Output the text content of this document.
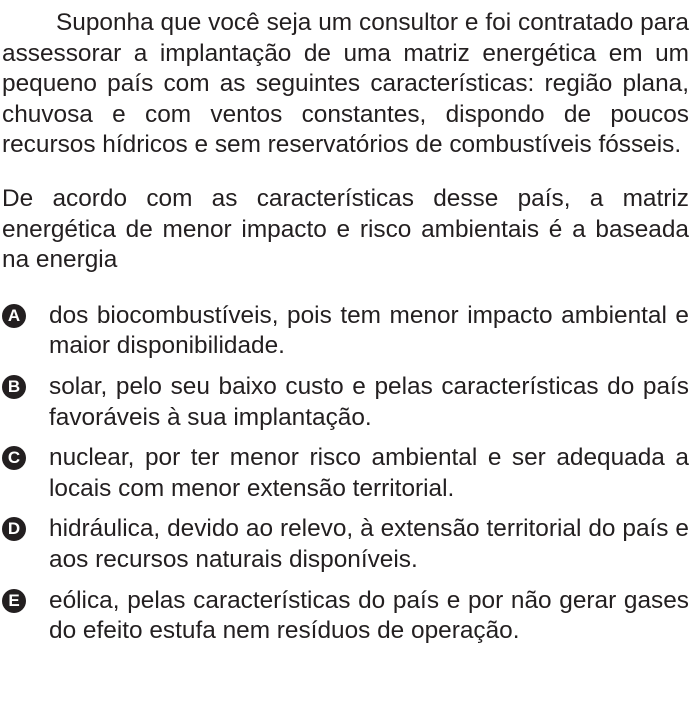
Suponha que você seja um consultor e foi contratado para assessorar a implantação de uma matriz energética em um pequeno país com as seguintes características: região plana, chuvosa e com ventos constantes, dispondo de poucos recursos hídricos e sem reservatórios de combustíveis fósseis.

De acordo com as características desse país, a matriz energética de menor impacto e risco ambientais é a baseada na energia

A dos biocombustíveis, pois tem menor impacto ambiental e maior disponibilidade.
B solar, pelo seu baixo custo e pelas características do país favoráveis à sua implantação.
C nuclear, por ter menor risco ambiental e ser adequada a locais com menor extensão territorial.
D hidráulica, devido ao relevo, à extensão territorial do país e aos recursos naturais disponíveis.
E eólica, pelas características do país e por não gerar gases do efeito estufa nem resíduos de operação.
